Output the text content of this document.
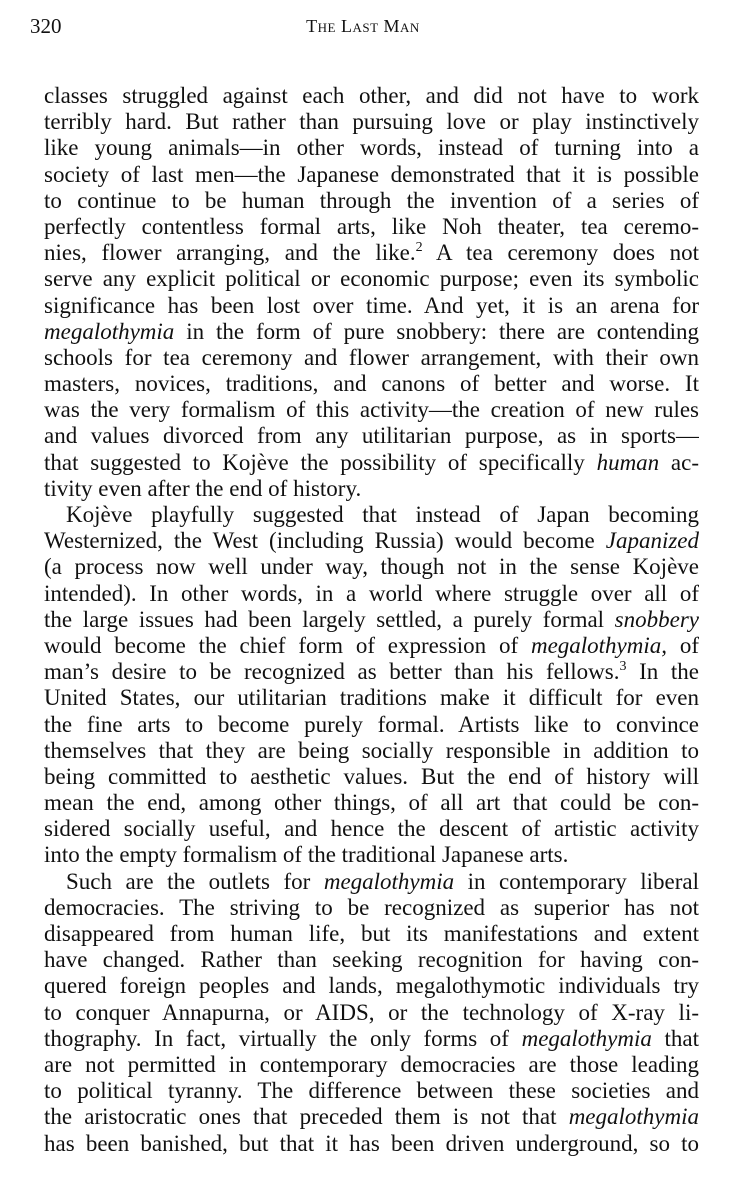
320	The Last Man
classes struggled against each other, and did not have to work
terribly hard. But rather than pursuing love or play instinctively
like young animals—in other words, instead of turning into a
society of last men—the Japanese demonstrated that it is possible
to continue to be human through the invention of a series of
perfectly contentless formal arts, like Noh theater, tea ceremo-
nies, flower arranging, and the like.$^2$ A tea ceremony does not
serve any explicit political or economic purpose; even its symbolic
significance has been lost over time. And yet, it is an arena for
megalothymia in the form of pure snobbery: there are contending
schools for tea ceremony and flower arrangement, with their own
masters, novices, traditions, and canons of better and worse. It
was the very formalism of this activity—the creation of new rules
and values divorced from any utilitarian purpose, as in sports—
that suggested to Kojève the possibility of specifically human ac-
tivity even after the end of history.
Kojève playfully suggested that instead of Japan becoming
Westernized, the West (including Russia) would become Japanized
(a process now well under way, though not in the sense Kojève
intended). In other words, in a world where struggle over all of
the large issues had been largely settled, a purely formal snobbery
would become the chief form of expression of megalothymia, of
man’s desire to be recognized as better than his fellows.$^3$ In the
United States, our utilitarian traditions make it difficult for even
the fine arts to become purely formal. Artists like to convince
themselves that they are being socially responsible in addition to
being committed to aesthetic values. But the end of history will
mean the end, among other things, of all art that could be con-
sidered socially useful, and hence the descent of artistic activity
into the empty formalism of the traditional Japanese arts.
Such are the outlets for megalothymia in contemporary liberal
democracies. The striving to be recognized as superior has not
disappeared from human life, but its manifestations and extent
have changed. Rather than seeking recognition for having con-
quered foreign peoples and lands, megalothymotic individuals try
to conquer Annapurna, or AIDS, or the technology of X-ray li-
thography. In fact, virtually the only forms of megalothymia that
are not permitted in contemporary democracies are those leading
to political tyranny. The difference between these societies and
the aristocratic ones that preceded them is not that megalothymia
has been banished, but that it has been driven underground, so to
